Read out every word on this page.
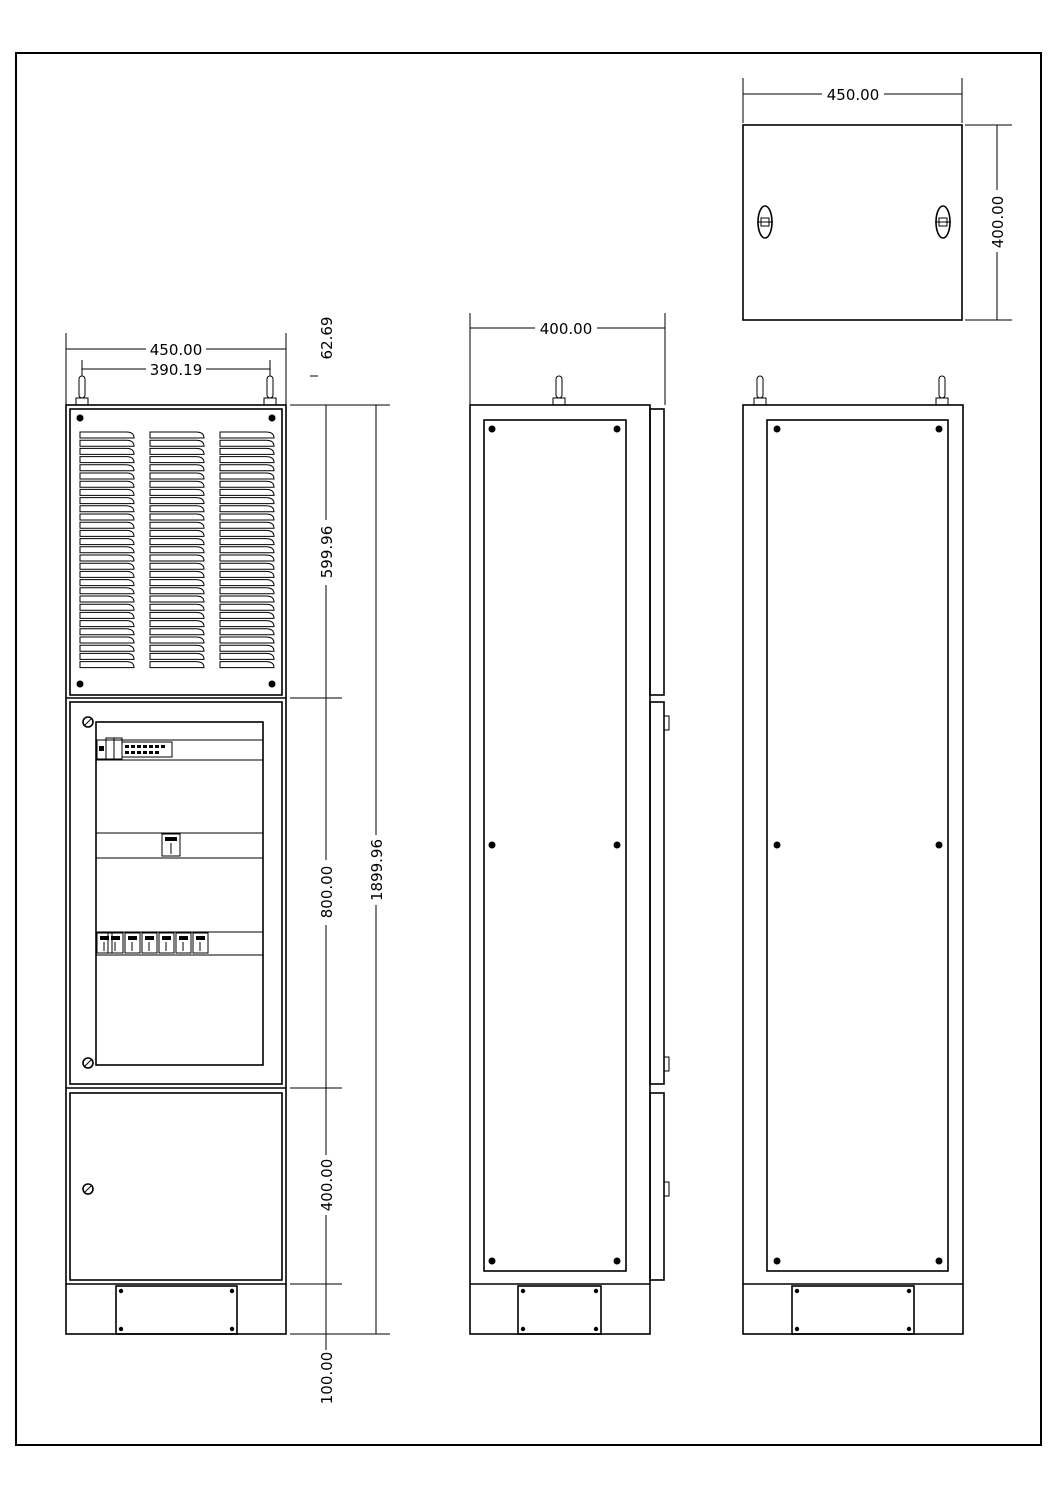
450.00
390.19
62.69
599.96
800.00
400.00
100.00
1899.96
400.00
450.00
400.00
